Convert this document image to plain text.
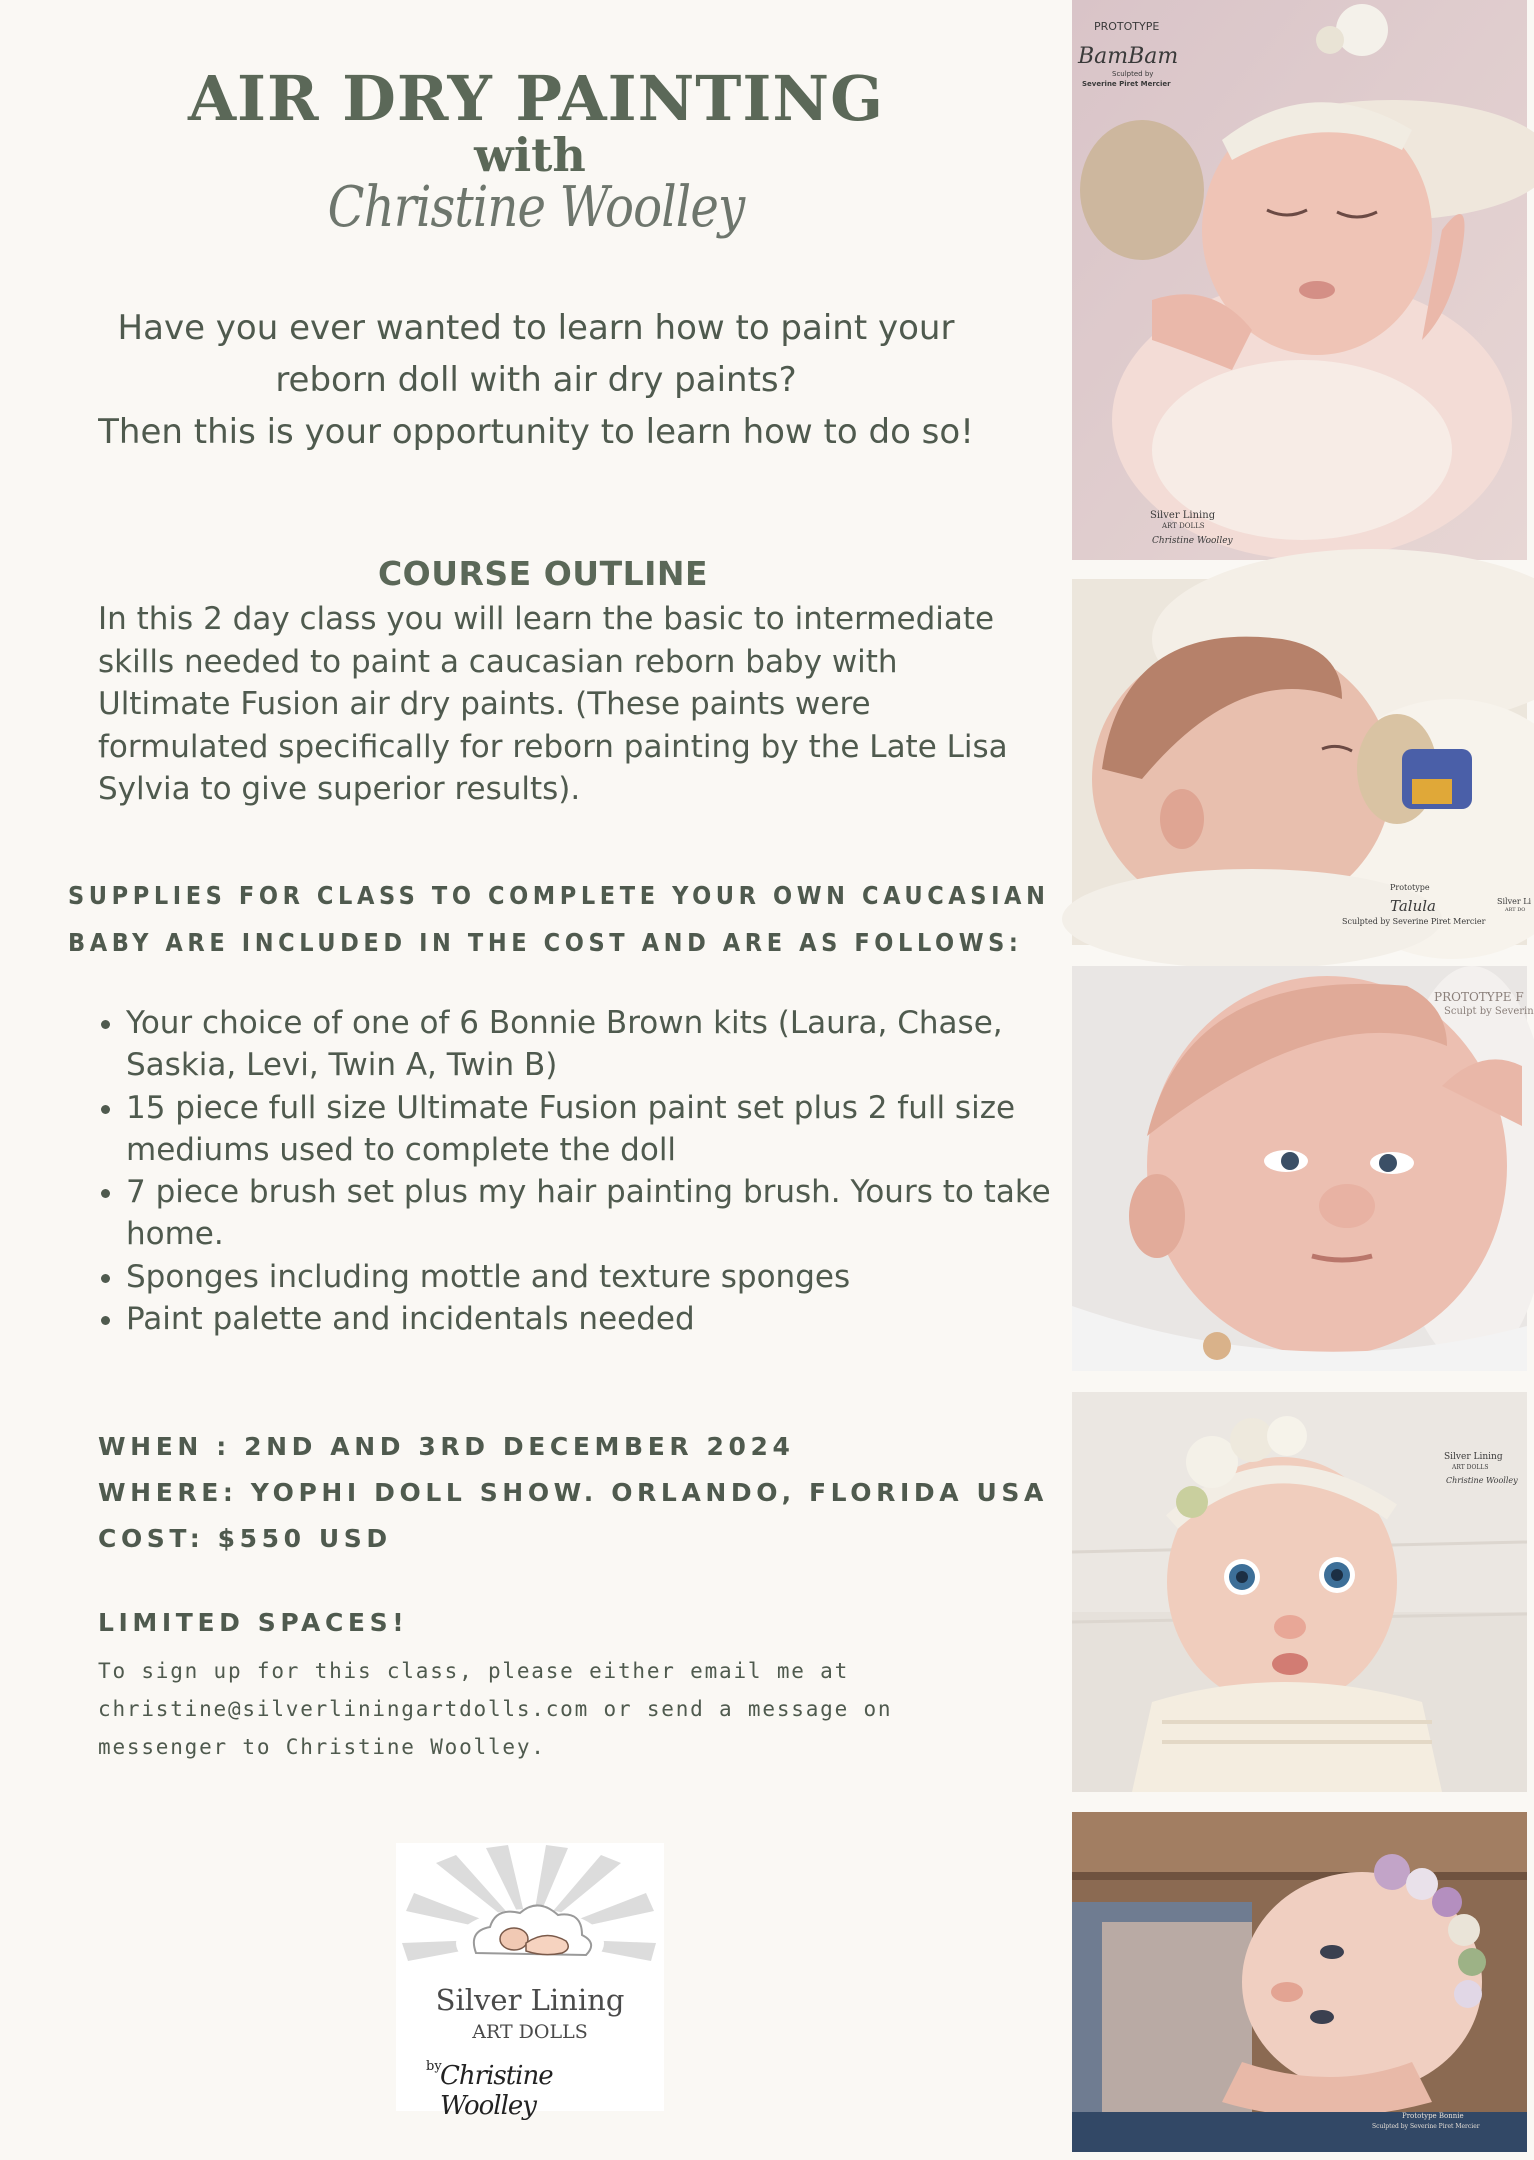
AIR DRY PAINTING
with
Christine Woolley
Have you ever wanted to learn how to paint your
reborn doll with air dry paints?
Then this is your opportunity to learn how to do so!
COURSE OUTLINE
In this 2 day class you will learn the basic to intermediate skills needed to paint a caucasian reborn baby with Ultimate Fusion air dry paints. (These paints were formulated specifically for reborn painting by the Late Lisa Sylvia to give superior results).
SUPPLIES FOR CLASS TO COMPLETE YOUR OWN CAUCASIAN
BABY ARE INCLUDED IN THE COST AND ARE AS FOLLOWS:
• Your choice of one of 6 Bonnie Brown kits (Laura, Chase, Saskia, Levi, Twin A, Twin B)
• 15 piece full size Ultimate Fusion paint set plus 2 full size mediums used to complete the doll
• 7 piece brush set plus my hair painting brush. Yours to take home.
• Sponges including mottle and texture sponges
• Paint palette and incidentals needed
WHEN : 2ND AND 3RD DECEMBER 2024
WHERE: YOPHI DOLL SHOW. ORLANDO, FLORIDA USA
COST: $550 USD
LIMITED SPACES!
To sign up for this class, please either email me at
christine@silverliningartdolls.com or send a message on
messenger to Christine Woolley.
Silver Lining
ART DOLLS
by
Christine Woolley
PROTOTYPE
BamBam
Sculpted by
Severine Piret Mercier
Silver Lining
ART DOLLS
Christine Woolley
Prototype
Talula
Sculpted by Severine Piret Mercier
Silver Li
ART DO
PROTOTYPE F
Sculpt by Severin
Silver Lining
ART DOLLS
Christine Woolley
Prototype Bonnie
Sculpted by Severine Piret Mercier
